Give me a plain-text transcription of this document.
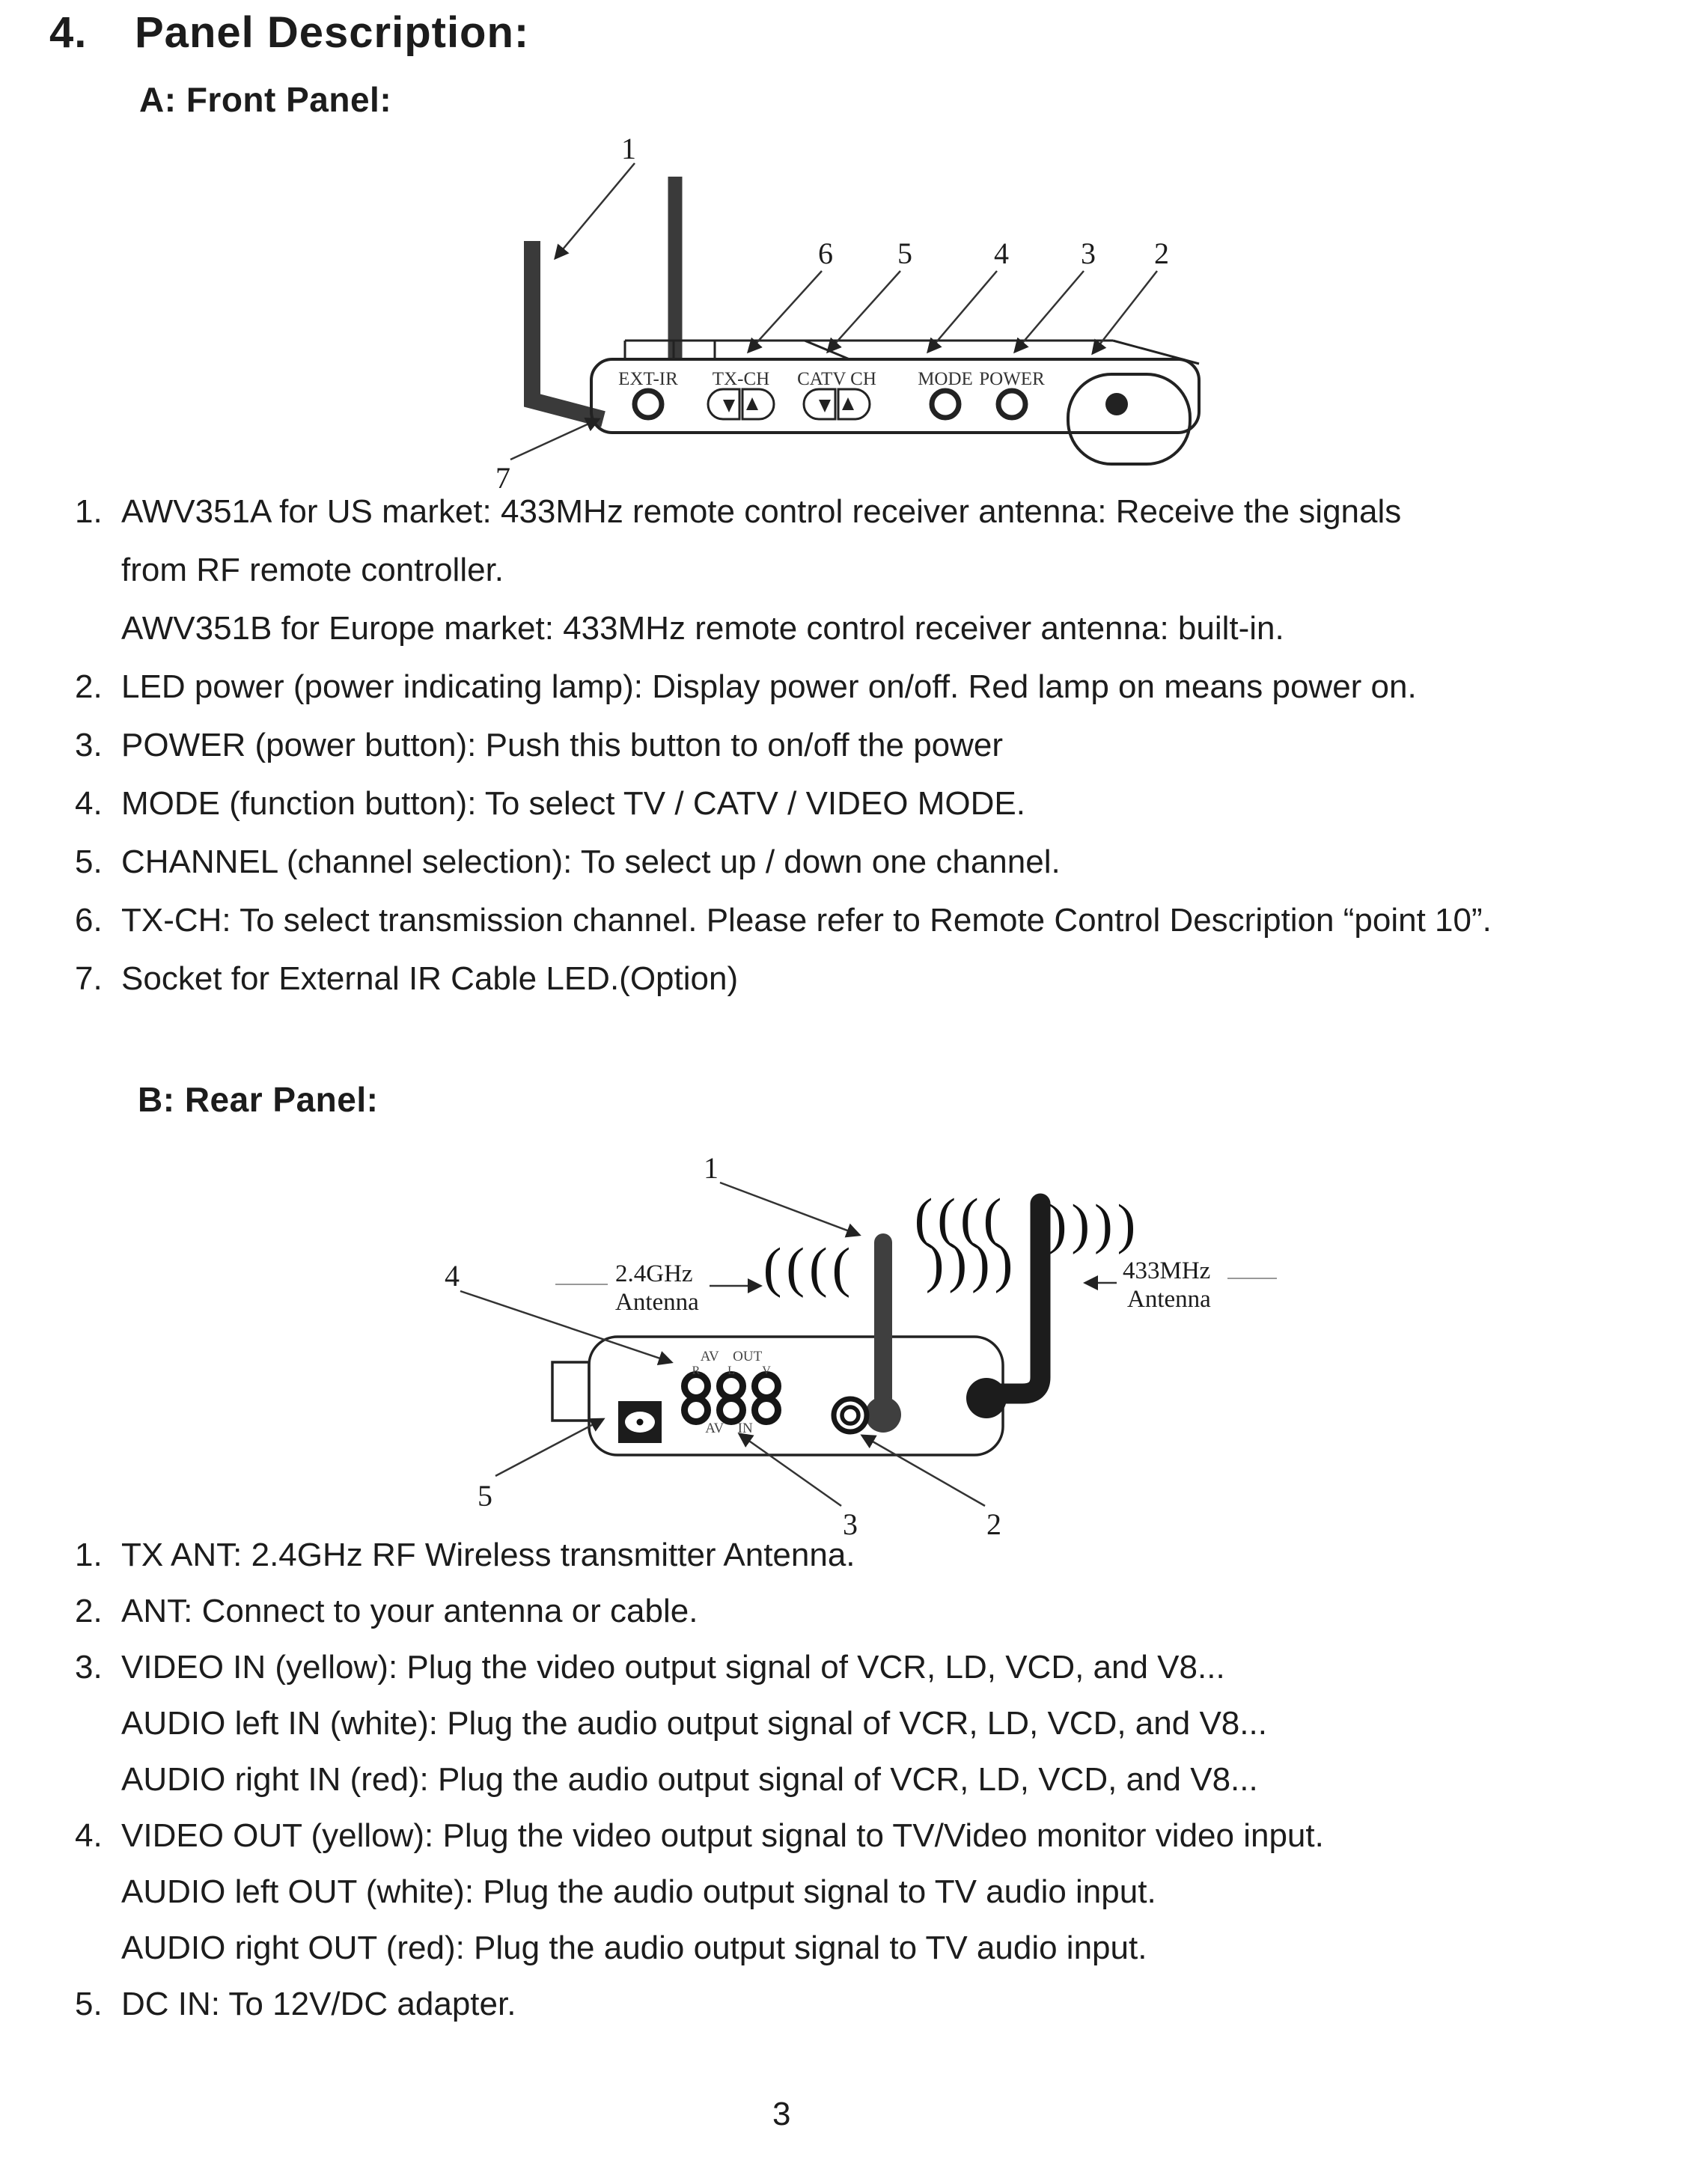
4. Panel Description:
A: Front Panel:
EXT-IR TX-CH CATV CH MODE POWER
1
6 5	4 3 2
7
1. AWV351A for US market: 433MHz remote control receiver antenna: Receive the signals
from RF remote controller.
AWV351B for Europe market: 433MHz remote control receiver antenna: built-in.
2. LED power (power indicating lamp): Display power on/off. Red lamp on means power on.
3. POWER (power button): Push this button to on/off the power
4. MODE (function button): To select TV / CATV / VIDEO MODE.
5. CHANNEL (channel selection): To select up / down one channel.
6. TX-CH: To select transmission channel. Please refer to Remote Control Description “point 10”.
7. Socket for External IR Cable LED.(Option)
B: Rear Panel:
(((( ))))
(((( ))))
AV OUT
R L V
AV IN
2.4GHz
Antenna
433MHz
Antenna
1
4
5
3	2
1. TX ANT: 2.4GHz RF Wireless transmitter Antenna.
2. ANT: Connect to your antenna or cable.
3. VIDEO IN (yellow): Plug the video output signal of VCR, LD, VCD, and V8...
AUDIO left IN (white): Plug the audio output signal of VCR, LD, VCD, and V8...
AUDIO right IN (red): Plug the audio output signal of VCR, LD, VCD, and V8...
4. VIDEO OUT (yellow): Plug the video output signal to TV/Video monitor video input.
AUDIO left OUT (white): Plug the audio output signal to TV audio input.
AUDIO right OUT (red): Plug the audio output signal to TV audio input.
5. DC IN: To 12V/DC adapter.
3
